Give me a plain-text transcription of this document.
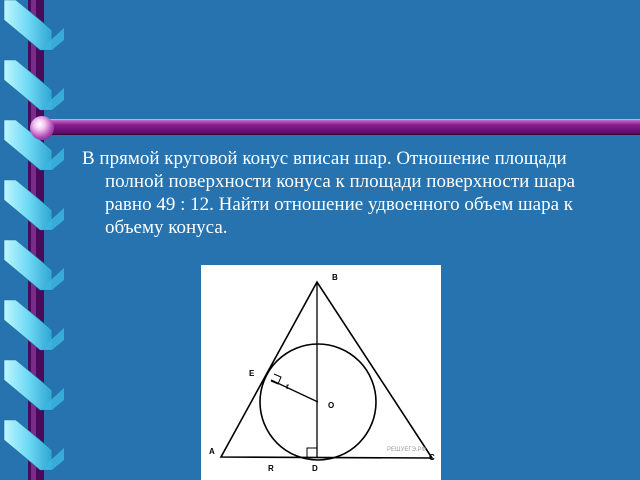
В прямой круговой конус вписан шар. Отношение площади полной поверхности конуса к площади поверхности шара равно 49 : 12. Найти отношение удвоенного объем шара к объему конуса.
B
A
C
E
r
O
D
R
РЕШУЕГЭ.РФ
